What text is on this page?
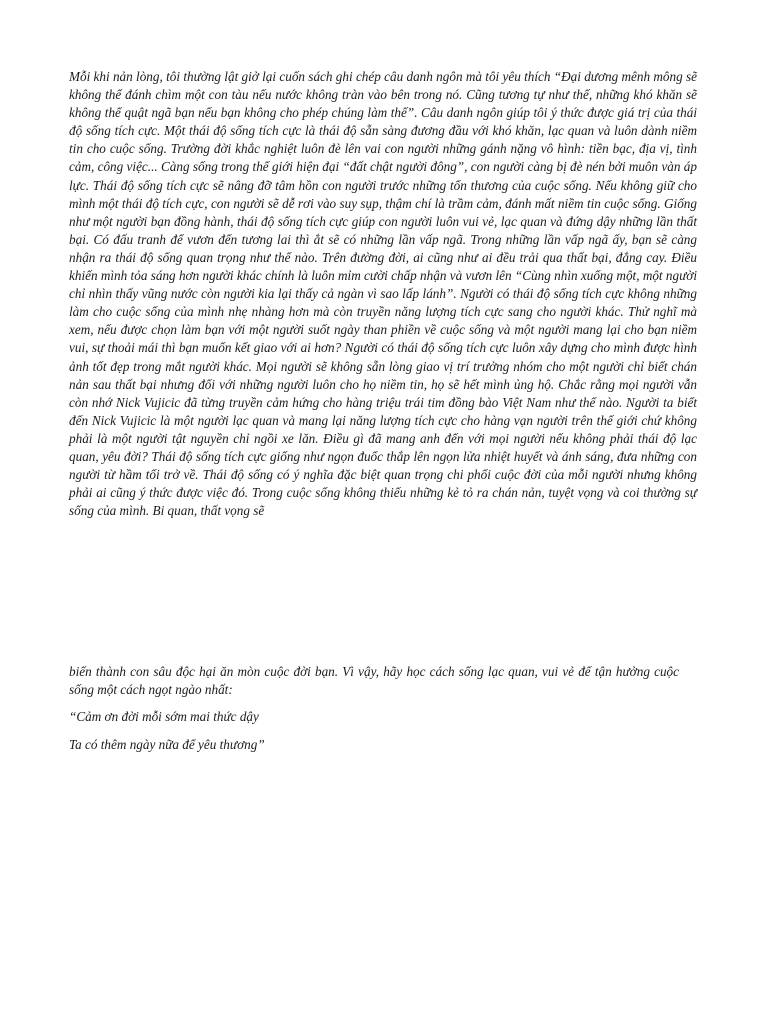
Mỗi khi nản lòng, tôi thường lật giở lại cuốn sách ghi chép câu danh ngôn mà tôi yêu thích “Đại dương mênh mông sẽ không thể đánh chìm một con tàu nếu nước không tràn vào bên trong nó. Cũng tương tự như thế, những khó khăn sẽ không thể quật ngã bạn nếu bạn không cho phép chúng làm thế”. Câu danh ngôn giúp tôi ý thức được giá trị của thái độ sống tích cực. Một thái độ sống tích cực là thái độ sẵn sàng đương đầu với khó khăn, lạc quan và luôn dành niềm tin cho cuộc sống. Trường đời khắc nghiệt luôn đè lên vai con người những gánh nặng vô hình: tiền bạc, địa vị, tình cảm, công việc... Càng sống trong thế giới hiện đại “đất chật người đông”, con người càng bị đè nén bởi muôn vàn áp lực. Thái độ sống tích cực sẽ nâng đỡ tâm hồn con người trước những tổn thương của cuộc sống. Nếu không giữ cho mình một thái độ tích cực, con người sẽ dễ rơi vào suy sụp, thậm chí là trầm cảm, đánh mất niềm tin cuộc sống. Giống như một người bạn đồng hành, thái độ sống tích cực giúp con người luôn vui vẻ, lạc quan và đứng dậy những lần thất bại. Có đấu tranh để vươn đến tương lai thì ắt sẽ có những lần vấp ngã. Trong những lần vấp ngã ấy, bạn sẽ càng nhận ra thái độ sống quan trọng như thế nào. Trên đường đời, ai cũng như ai đều trải qua thất bại, đắng cay. Điều khiến mình tỏa sáng hơn người khác chính là luôn mỉm cười chấp nhận và vươn lên “Cùng nhìn xuống một, một người chỉ nhìn thấy vũng nước còn người kia lại thấy cả ngàn vì sao lấp lánh”. Người có thái độ sống tích cực không những làm cho cuộc sống của mình nhẹ nhàng hơn mà còn truyền năng lượng tích cực sang cho người khác. Thử nghĩ mà xem, nếu được chọn làm bạn với một người suốt ngày than phiền về cuộc sống và một người mang lại cho bạn niềm vui, sự thoải mái thì bạn muốn kết giao với ai hơn? Người có thái độ sống tích cực luôn xây dựng cho mình được hình ảnh tốt đẹp trong mắt người khác. Mọi người sẽ không sẵn lòng giao vị trí trưởng nhóm cho một người chỉ biết chán nản sau thất bại nhưng đối với những người luôn cho họ niềm tin, họ sẽ hết mình ủng hộ. Chắc rằng mọi người vẫn còn nhớ Nick Vujicic đã từng truyền cảm hứng cho hàng triệu trái tim đồng bào Việt Nam như thế nào. Người ta biết đến Nick Vujicic là một người lạc quan và mang lại năng lượng tích cực cho hàng vạn người trên thế giới chứ không phải là một người tật nguyền chỉ ngồi xe lăn. Điều gì đã mang anh đến với mọi người nếu không phải thái độ lạc quan, yêu đời? Thái độ sống tích cực giống như ngọn đuốc thắp lên ngọn lửa nhiệt huyết và ánh sáng, đưa những con người từ hầm tối trở về. Thái độ sống có ý nghĩa đặc biệt quan trọng chi phối cuộc đời của mỗi người nhưng không phải ai cũng ý thức được việc đó. Trong cuộc sống không thiếu những kẻ tỏ ra chán nản, tuyệt vọng và coi thường sự sống của mình. Bi quan, thất vọng sẽ

biến thành con sâu độc hại ăn mòn cuộc đời bạn. Vì vậy, hãy học cách sống lạc quan, vui vẻ để tận hưởng cuộc sống một cách ngọt ngào nhất:

“Cảm ơn đời mỗi sớm mai thức dậy

Ta có thêm ngày nữa để yêu thương”
